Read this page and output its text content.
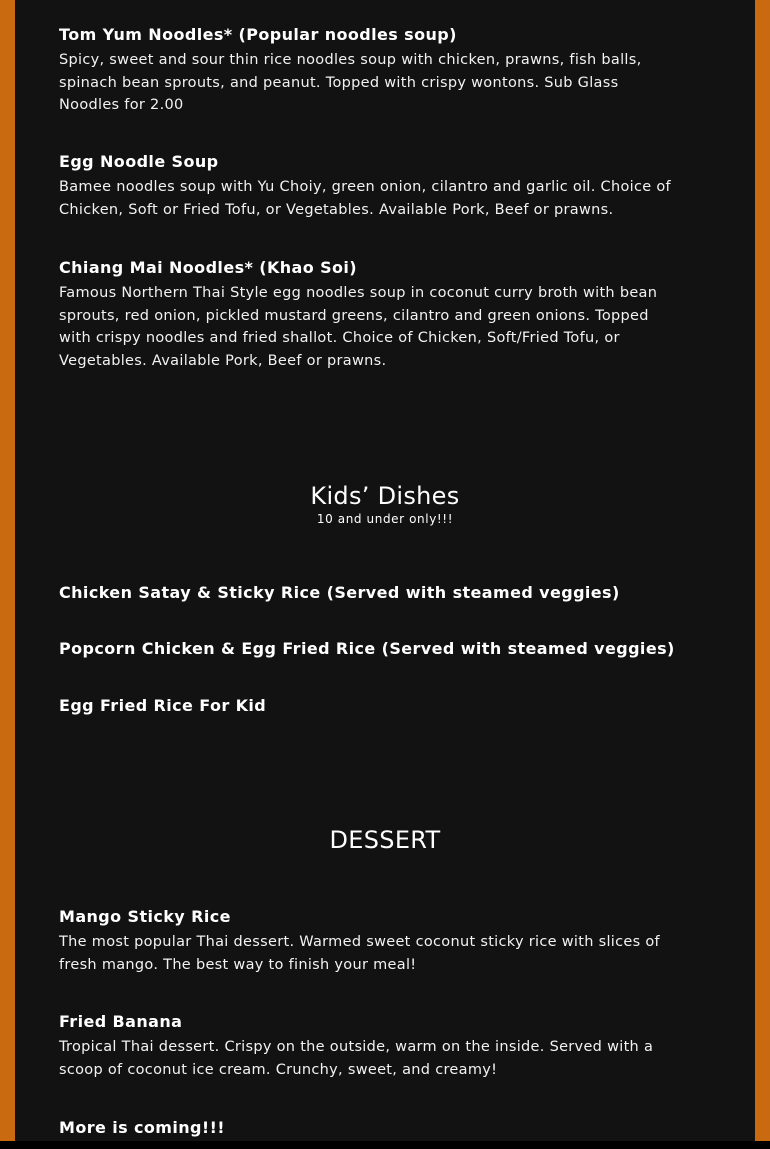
Tom Yum Noodles* (Popular noodles soup)

Spicy, sweet and sour thin rice noodles soup with chicken, prawns, fish balls, spinach bean sprouts, and peanut. Topped with crispy wontons. Sub Glass Noodles for 2.00

Egg Noodle Soup

Bamee noodles soup with Yu Choiy, green onion, cilantro and garlic oil. Choice of Chicken, Soft or Fried Tofu, or Vegetables. Available Pork, Beef or prawns.

Chiang Mai Noodles* (Khao Soi)

Famous Northern Thai Style egg noodles soup in coconut curry broth with bean sprouts, red onion, pickled mustard greens, cilantro and green onions. Topped with crispy noodles and fried shallot. Choice of Chicken, Soft/Fried Tofu, or Vegetables. Available Pork, Beef or prawns.

Kids’ Dishes
10 and under only!!!

Chicken Satay & Sticky Rice (Served with steamed veggies)

Popcorn Chicken & Egg Fried Rice (Served with steamed veggies)

Egg Fried Rice For Kid

DESSERT

Mango Sticky Rice

The most popular Thai dessert. Warmed sweet coconut sticky rice with slices of fresh mango. The best way to finish your meal!

Fried Banana

Tropical Thai dessert. Crispy on the outside, warm on the inside. Served with a scoop of coconut ice cream. Crunchy, sweet, and creamy!

More is coming!!!
